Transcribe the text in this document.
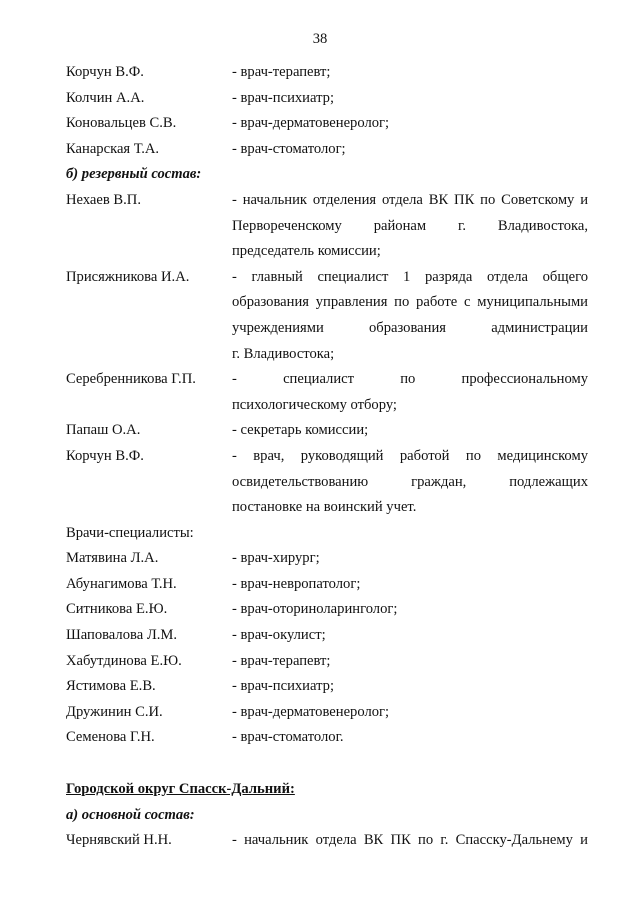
38
Корчун В.Ф.	- врач-терапевт;
Колчин А.А.	- врач-психиатр;
Коновальцев С.В.	- врач-дерматовенеролог;
Канарская Т.А.	- врач-стоматолог;
б) резервный состав:
Нехаев В.П.	- начальник отделения отдела ВК ПК по Советскому и
Первореченскому районам г. Владивостока,
председатель комиссии;
Присяжникова И.А.	- главный специалист 1 разряда отдела общего
образования управления по работе с муниципальными
учреждениями образования администрации
г. Владивостока;
Серебренникова Г.П.	- специалист по профессиональному
психологическому отбору;
Папаш О.А.	- секретарь комиссии;
Корчун В.Ф.	- врач, руководящий работой по медицинскому
освидетельствованию граждан, подлежащих
постановке на воинский учет.
Врачи-специалисты:
Матявина Л.А.	- врач-хирург;
Абунагимова Т.Н.	- врач-невропатолог;
Ситникова Е.Ю.	- врач-оториноларинголог;
Шаповалова Л.М.	- врач-окулист;
Хабутдинова Е.Ю.	- врач-терапевт;
Ястимова Е.В.	- врач-психиатр;
Дружинин С.И.	- врач-дерматовенеролог;
Семенова Г.Н.	- врач-стоматолог.
Городской округ Спасск-Дальний:
а) основной состав:
Чернявский Н.Н.	- начальник отдела ВК ПК по г. Спасску-Дальнему и
